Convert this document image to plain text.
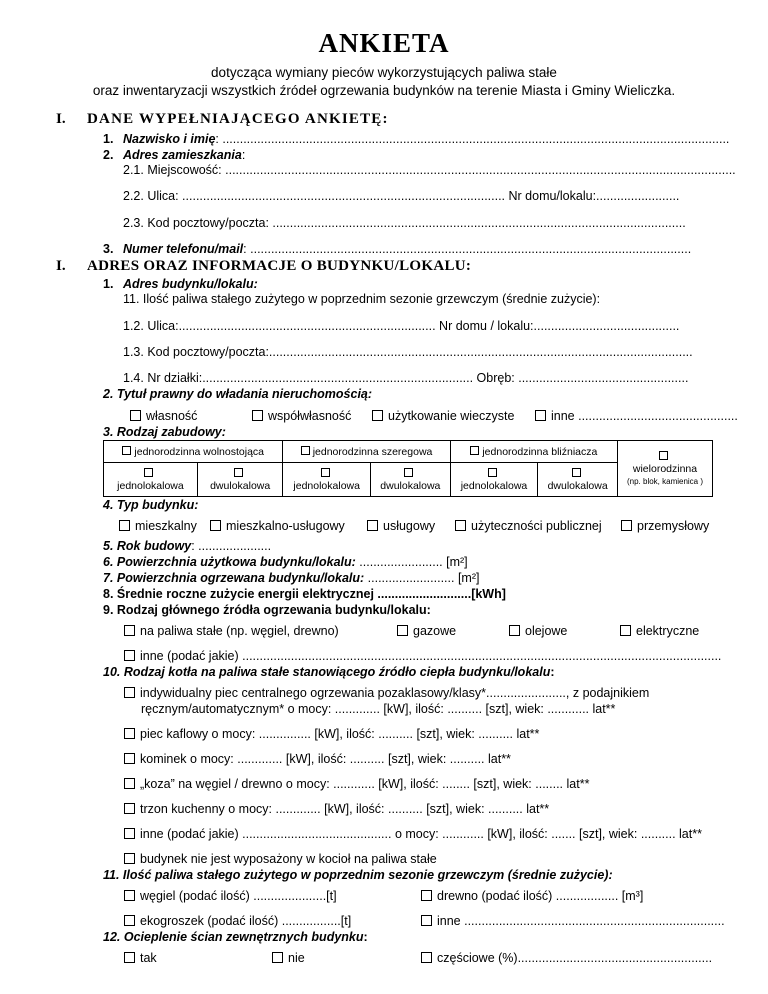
ANKIETA
dotycząca wymiany pieców wykorzystujących paliwa stałe
oraz inwentaryzacji wszystkich źródeł ogrzewania budynków na terenie Miasta i Gminy Wieliczka.
I. DANE WYPEŁNIAJĄCEGO ANKIETĘ:
1. Nazwisko i imię: ..................................................................................................................................................
2. Adres zamieszkania:
2.1. Miejscowość: ...................................................................................................................................................
2.2. Ulica: ............................................................................................. Nr domu/lokalu:........................
2.3. Kod pocztowy/poczta: .......................................................................................................................
3. Numer telefonu/mail: ...............................................................................................................................
I. ADRES ORAZ INFORMACJE O BUDYNKU/LOKALU:
1. Adres budynku/lokalu:
11. Ilość paliwa stałego zużytego w poprzednim sezonie grzewczym (średnie zużycie):
1.2. Ulica:.......................................................................... Nr domu / lokalu:..........................................
1.3. Kod pocztowy/poczta:..........................................................................................................................
1.4. Nr działki:.............................................................................. Obręb: .................................................
2. Tytuł prawny do władania nieruchomością:
własność	współwłasność	użytkowanie wieczyste	inne ..............................................
3. Rodzaj zabudowy:
jednorodzinna wolnostojąca		jednorodzinna szeregowa		jednorodzinna bliźniacza		wielorodzinna
(np. blok, kamienica )

jednolokalowa	dwulokalowa	jednolokalowa	dwulokalowa	jednolokalowa	dwulokalowa	
4. Typ budynku:
mieszkalny	mieszkalno-usługowy	usługowy	użyteczności publicznej	przemysłowy
5. Rok budowy: .....................
6. Powierzchnia użytkowa budynku/lokalu: ........................ [m²]
7. Powierzchnia ogrzewana budynku/lokalu: ......................... [m²]
8. Średnie roczne zużycie energii elektrycznej ...........................[kWh]
9. Rodzaj głównego źródła ogrzewania budynku/lokalu:
na paliwa stałe (np. węgiel, drewno)	gazowe	olejowe	elektryczne
inne (podać jakie) ..........................................................................................................................................
10. Rodzaj kotła na paliwa stałe stanowiącego źródło ciepła budynku/lokalu:
indywidualny piec centralnego ogrzewania pozaklasowy/klasy*......................., z podajnikiem
ręcznym/automatycznym* o mocy: ............. [kW], ilość: .......... [szt], wiek: ............ lat**
piec kaflowy o mocy: ............... [kW], ilość: .......... [szt], wiek: .......... lat**
kominek o mocy: ............. [kW], ilość: .......... [szt], wiek: .......... lat**
„koza” na węgiel / drewno o mocy: ............ [kW], ilość: ........ [szt], wiek: ........ lat**
trzon kuchenny o mocy: ............. [kW], ilość: .......... [szt], wiek: .......... lat**
inne (podać jakie) ........................................... o mocy: ............ [kW], ilość: ....... [szt], wiek: .......... lat**
budynek nie jest wyposażony w kocioł na paliwa stałe
11. Ilość paliwa stałego zużytego w poprzednim sezonie grzewczym (średnie zużycie):
węgiel (podać ilość) .....................[t]	drewno (podać ilość) .................. [m³]
ekogroszek (podać ilość) .................[t]	inne ...........................................................................
12. Ocieplenie ścian zewnętrznych budynku:
tak	nie	częściowe (%)........................................................
